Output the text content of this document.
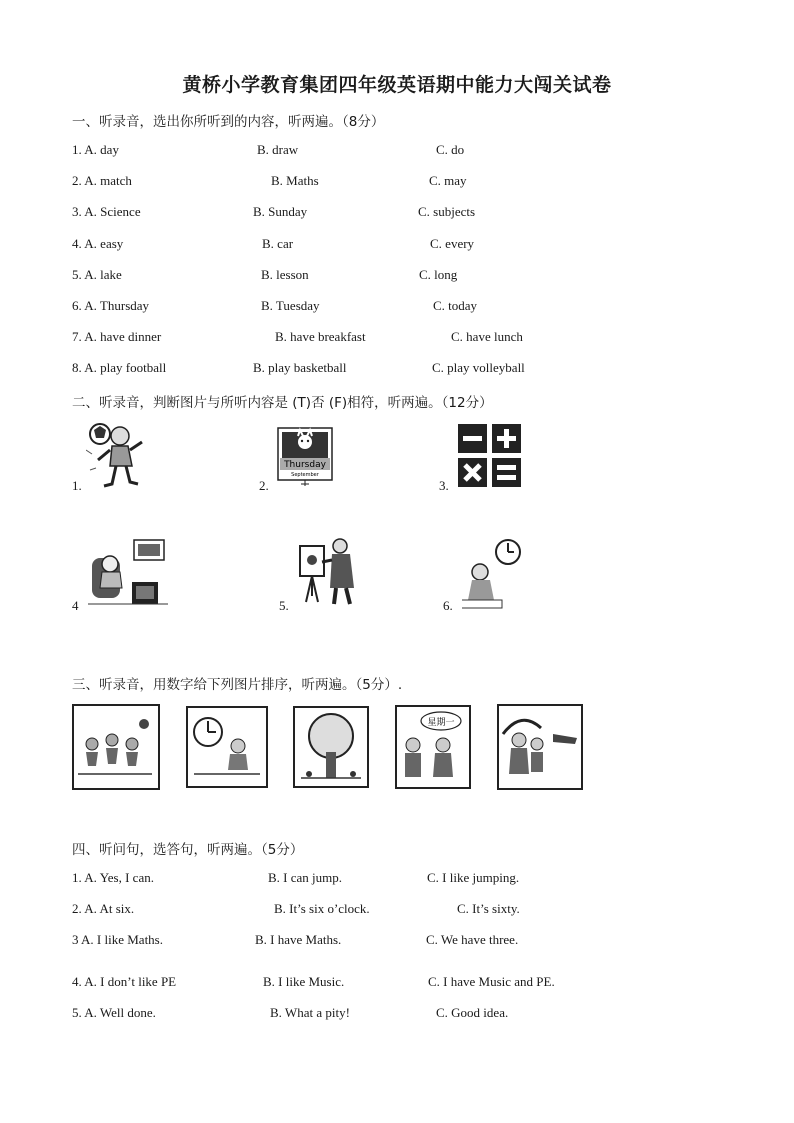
黄桥小学教育集团四年级英语期中能力大闯关试卷
一、听录音，选出你所听到的内容，听两遍。（8分）
1. A. day	B. draw	C. do
2. A. match	B. Maths	C. may
3. A. Science	B. Sunday	C. subjects
4. A. easy	B. car	C. every
5. A. lake	B. lesson	C. long
6. A. Thursday	B. Tuesday	C. today
7. A. have dinner	B. have breakfast	C. have lunch
8. A. play football	B. play basketball	C. play volleyball
二、听录音，判断图片与所听内容是 (T)否 (F)相符，听两遍。（12分）
1.	2.
Thursday
September
3.
4	5.	6.
三、听录音，用数字给下列图片排序，听两遍。（5分）.
星期一
四、听问句，选答句，听两遍。（5分）
1. A. Yes, I can.	B. I can jump.	C. I like jumping.
2. A. At six.	B. It’s six o’clock.	C. It’s sixty.
3 A. I like Maths.	B. I have Maths.	C. We have three.
4. A. I don’t like PE	B. I like Music.	C. I have Music and PE.
5. A. Well done.	B. What a pity!	C. Good idea.
